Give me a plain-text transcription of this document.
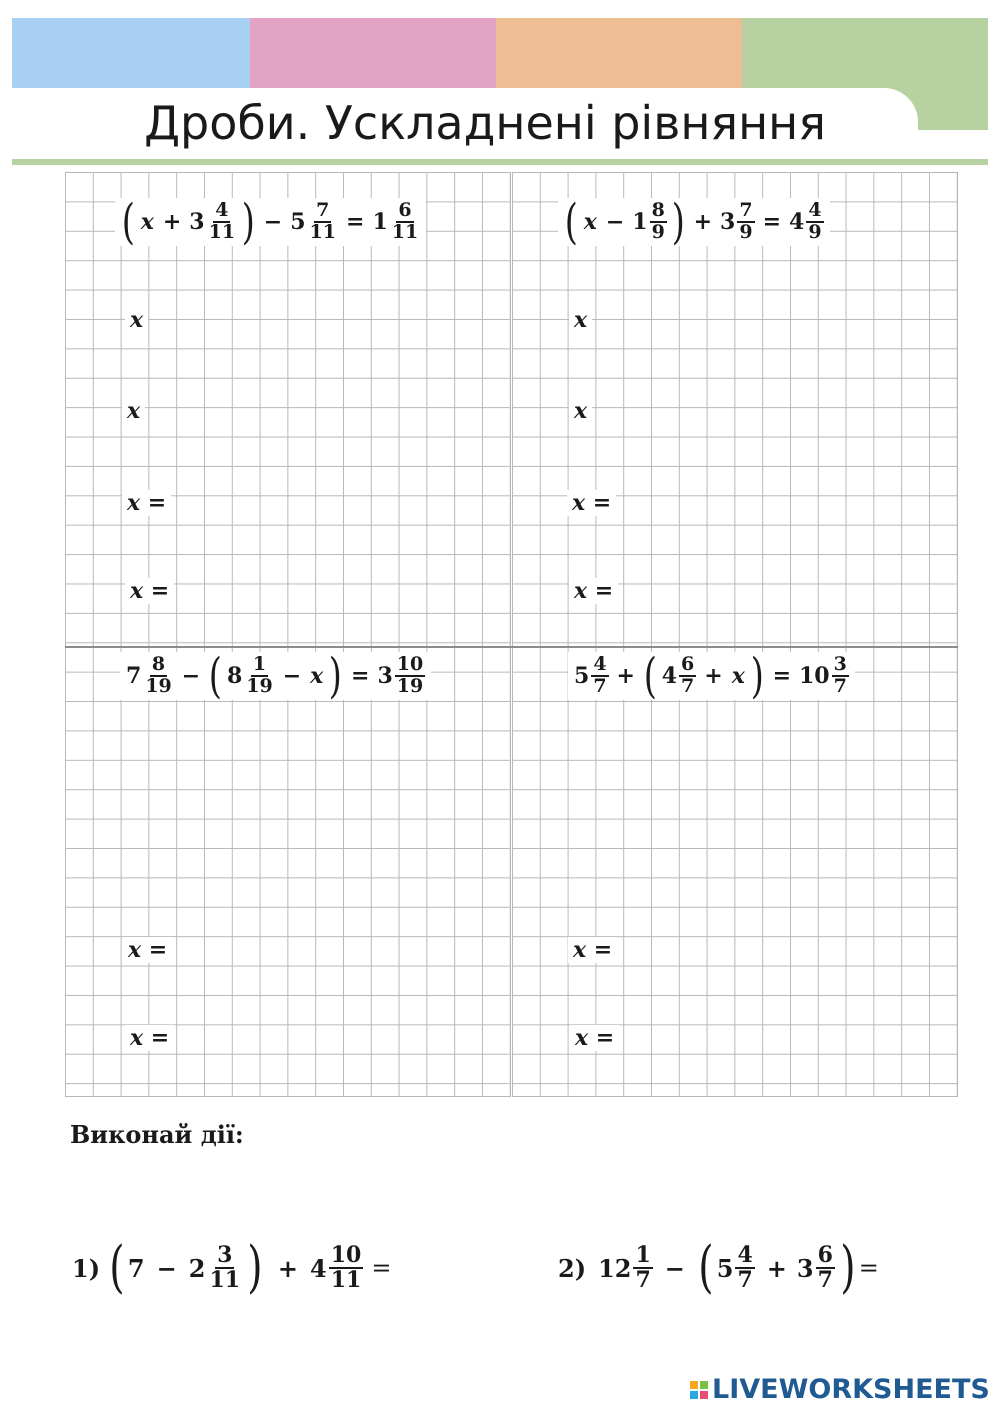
Дроби. Ускладнені рівняння
( $x + 3 \frac{4}{11}$ ) − $5 \frac{7}{11} = 1 \frac{6}{11}$
x
x
x =
x =
( $x - 1 \frac{8}{9}$ ) + $3 \frac{7}{9} = 4 \frac{4}{9}$
x
x
x =
x =
$7 \frac{8}{19}$ − ( $8 \frac{1}{19} - x$ ) = $3 \frac{10}{19}$
x =
x =
$5 \frac{4}{7}$ + ( $4 \frac{6}{7} + x$ ) = $10 \frac{3}{7}$
x =
x =
Виконай дії:
1) ( $7 - 2 \frac{3}{11}$ ) + $4 \frac{10}{11}$ =	2) $12 \frac{1}{7}$ − ( $5 \frac{4}{7} + 3 \frac{6}{7}$ ) =
LIVEWORKSHEETS
